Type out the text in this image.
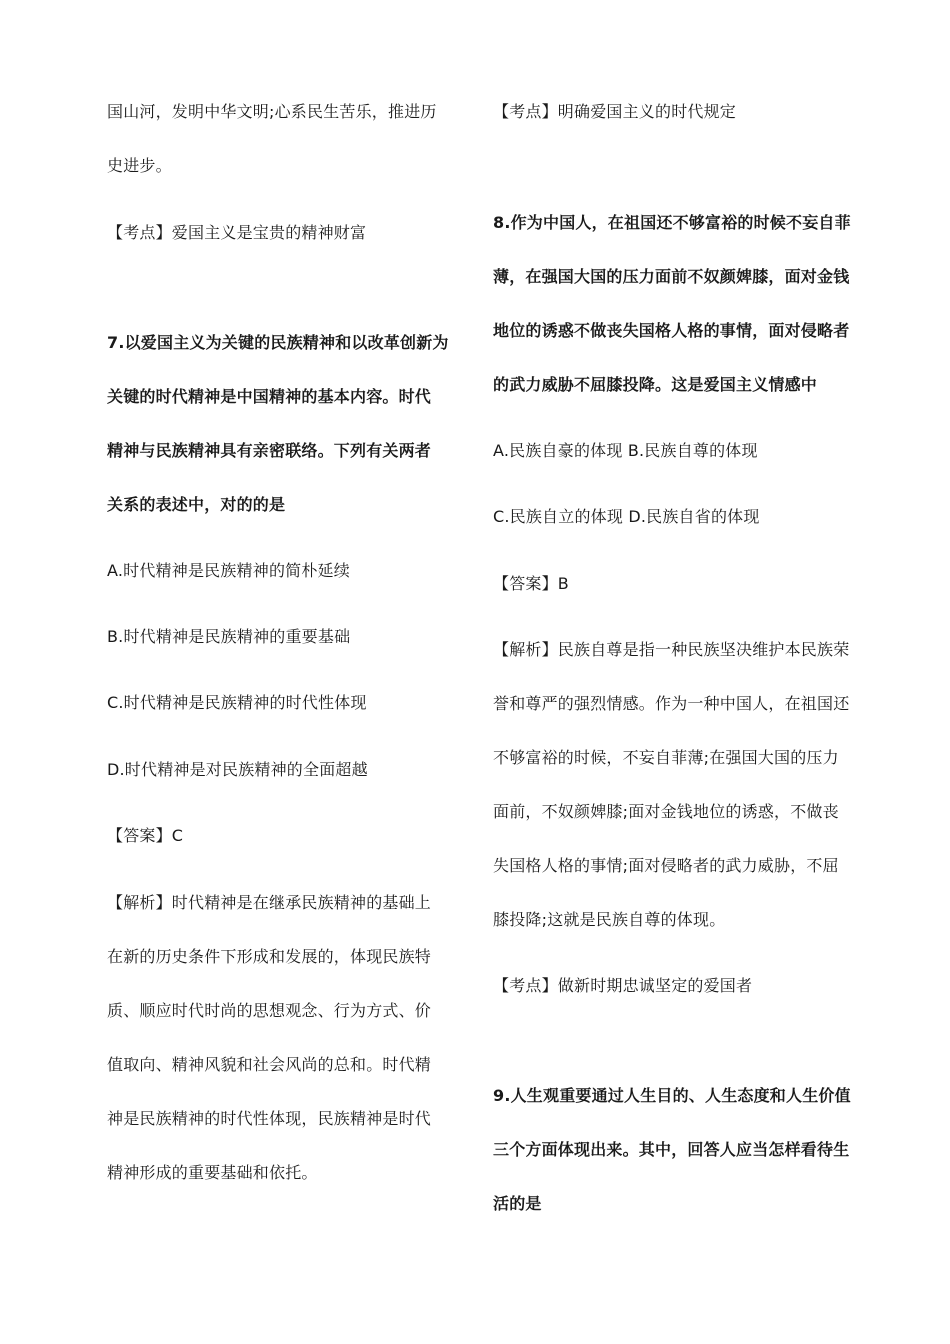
国山河，发明中华文明;心系民生苦乐，推进历
史进步。
【考点】爱国主义是宝贵的精神财富
7.以爱国主义为关键的民族精神和以改革创新为
关键的时代精神是中国精神的基本内容。时代
精神与民族精神具有亲密联络。下列有关两者
关系的表述中，对的的是
A.时代精神是民族精神的简朴延续
B.时代精神是民族精神的重要基础
C.时代精神是民族精神的时代性体现
D.时代精神是对民族精神的全面超越
【答案】C
【解析】时代精神是在继承民族精神的基础上
在新的历史条件下形成和发展的，体现民族特
质、顺应时代时尚的思想观念、行为方式、价
值取向、精神风貌和社会风尚的总和。时代精
神是民族精神的时代性体现，民族精神是时代
精神形成的重要基础和依托。
【考点】明确爱国主义的时代规定
8.作为中国人，在祖国还不够富裕的时候不妄自菲
薄，在强国大国的压力面前不奴颜婢膝，面对金钱
地位的诱惑不做丧失国格人格的事情，面对侵略者
的武力威胁不屈膝投降。这是爱国主义情感中
A.民族自豪的体现 B.民族自尊的体现
C.民族自立的体现 D.民族自省的体现
【答案】B
【解析】民族自尊是指一种民族坚决维护本民族荣
誉和尊严的强烈情感。作为一种中国人，在祖国还
不够富裕的时候，不妄自菲薄;在强国大国的压力
面前，不奴颜婢膝;面对金钱地位的诱惑，不做丧
失国格人格的事情;面对侵略者的武力威胁，不屈
膝投降;这就是民族自尊的体现。
【考点】做新时期忠诚坚定的爱国者
9.人生观重要通过人生目的、人生态度和人生价值
三个方面体现出来。其中，回答人应当怎样看待生
活的是
